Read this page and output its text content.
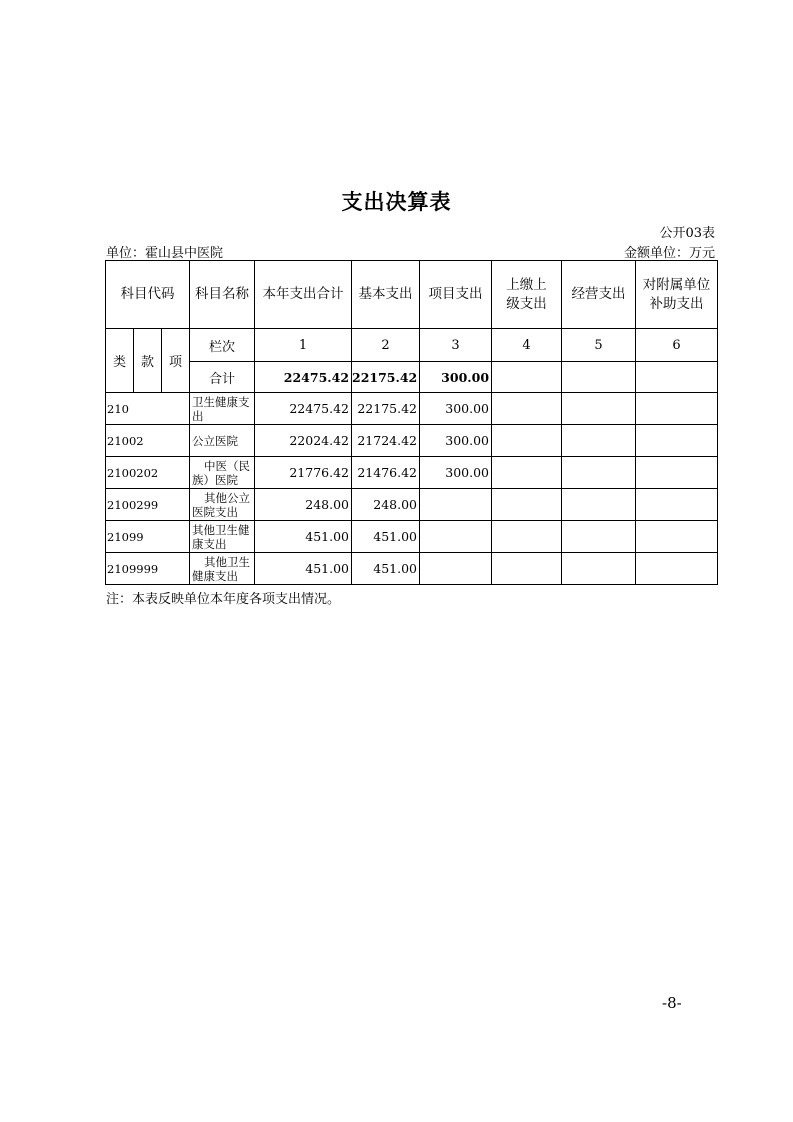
支出决算表
公开03表
单位：霍山县中医院	金额单位：万元
科目代码			科目名称	本年支出合计	基本支出	项目支出	上缴上级支出	经营支出	对附属单位补助支出
类	款	项	栏次	1	2	3	4	5	6
			合计	22475.42	22175.42	300.00			
210			卫生健康支出	22475.42	22175.42	300.00			
21002			公立医院	22024.42	21724.42	300.00			
2100202			中医（民族）医院	21776.42	21476.42	300.00			
2100299			其他公立医院支出	248.00	248.00				
21099			其他卫生健康支出	451.00	451.00				
2109999			其他卫生健康支出	451.00	451.00				
注：本表反映单位本年度各项支出情况。
-8-
